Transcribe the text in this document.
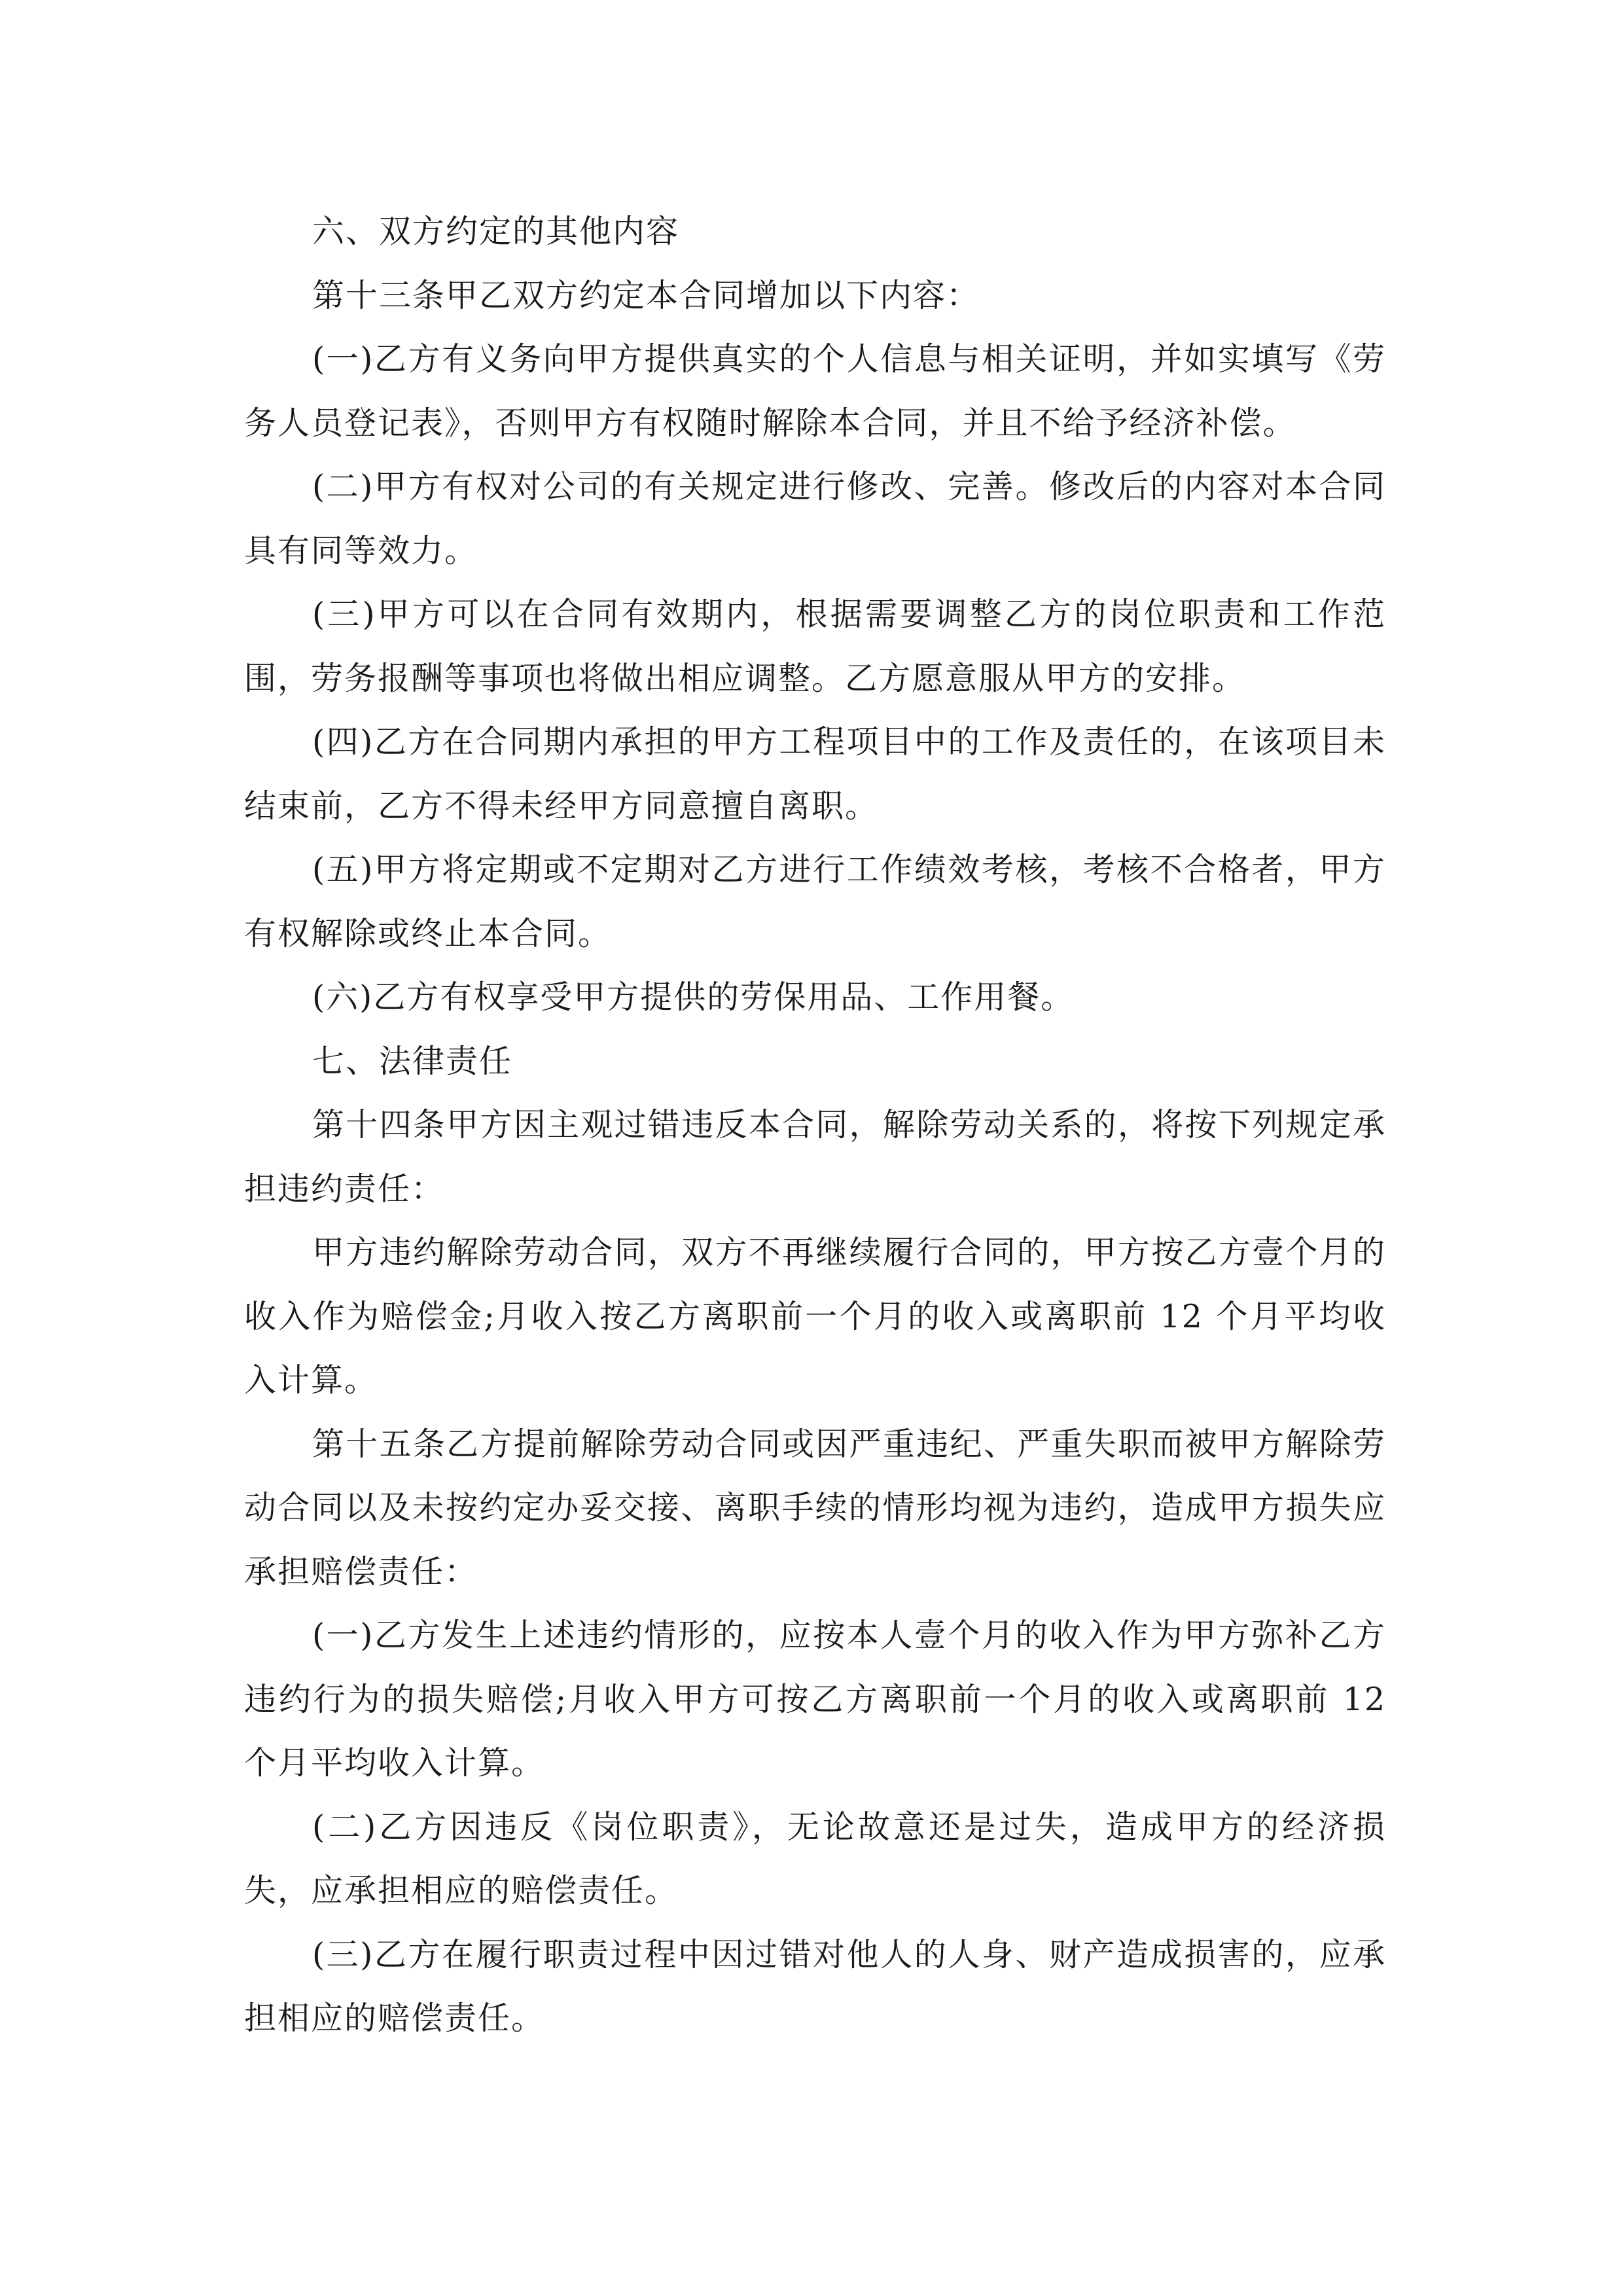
六、双方约定的其他内容

第十三条甲乙双方约定本合同增加以下内容：

(一)乙方有义务向甲方提供真实的个人信息与相关证明，并如实填写《劳务人员登记表》，否则甲方有权随时解除本合同，并且不给予经济补偿。

(二)甲方有权对公司的有关规定进行修改、完善。修改后的内容对本合同具有同等效力。

(三)甲方可以在合同有效期内，根据需要调整乙方的岗位职责和工作范围，劳务报酬等事项也将做出相应调整。乙方愿意服从甲方的安排。

(四)乙方在合同期内承担的甲方工程项目中的工作及责任的，在该项目未结束前，乙方不得未经甲方同意擅自离职。

(五)甲方将定期或不定期对乙方进行工作绩效考核，考核不合格者，甲方有权解除或终止本合同。

(六)乙方有权享受甲方提供的劳保用品、工作用餐。

七、法律责任

第十四条甲方因主观过错违反本合同，解除劳动关系的，将按下列规定承担违约责任：

甲方违约解除劳动合同，双方不再继续履行合同的，甲方按乙方壹个月的收入作为赔偿金;月收入按乙方离职前一个月的收入或离职前 12 个月平均收入计算。

第十五条乙方提前解除劳动合同或因严重违纪、严重失职而被甲方解除劳动合同以及未按约定办妥交接、离职手续的情形均视为违约，造成甲方损失应承担赔偿责任：

(一)乙方发生上述违约情形的，应按本人壹个月的收入作为甲方弥补乙方违约行为的损失赔偿;月收入甲方可按乙方离职前一个月的收入或离职前 12 个月平均收入计算。

(二)乙方因违反《岗位职责》，无论故意还是过失，造成甲方的经济损失，应承担相应的赔偿责任。

(三)乙方在履行职责过程中因过错对他人的人身、财产造成损害的，应承担相应的赔偿责任。
